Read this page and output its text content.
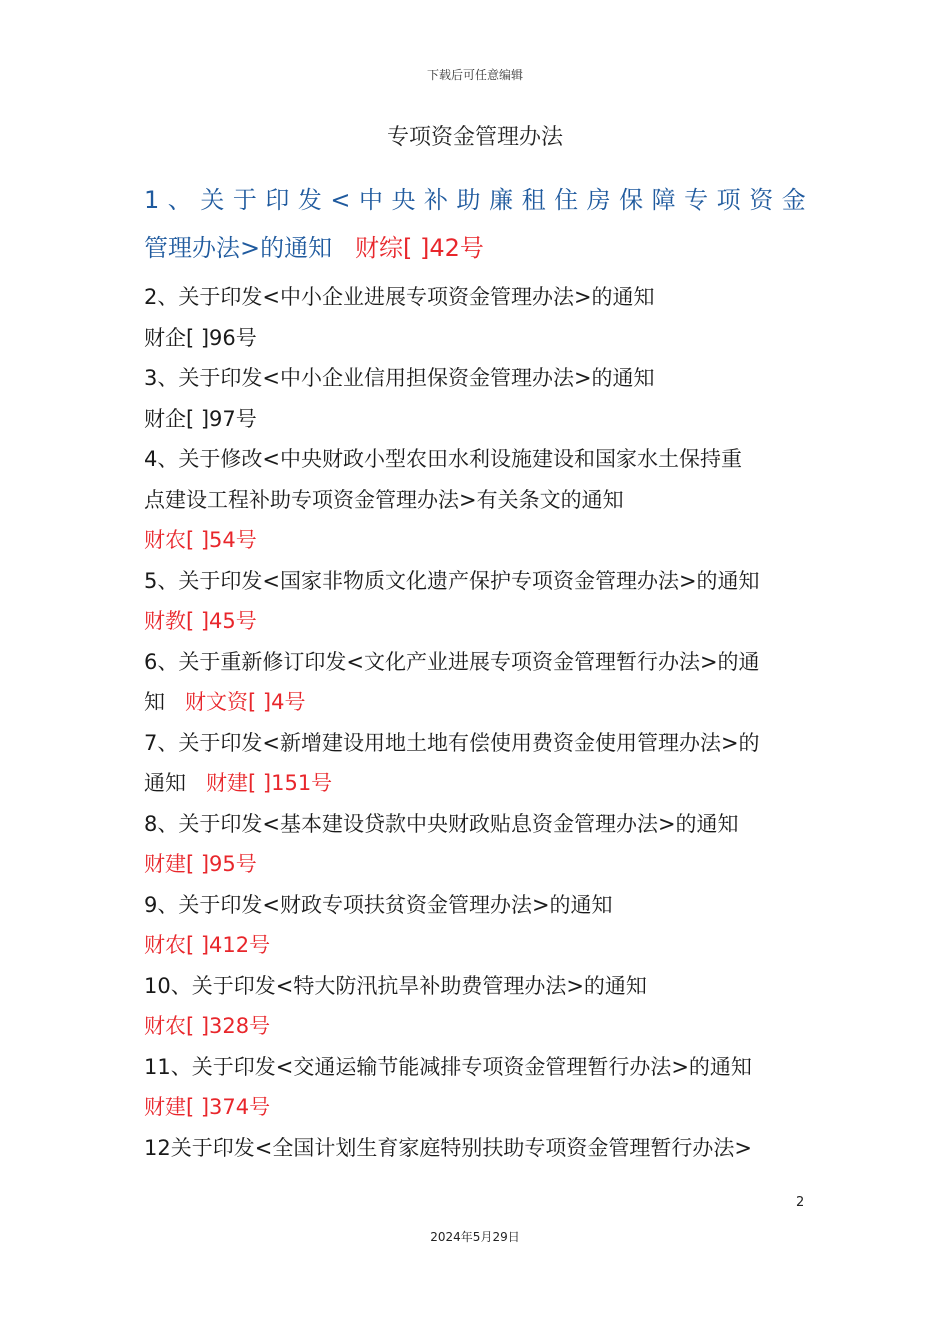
下载后可任意编辑
专项资金管理办法
1 、 关 于 印 发 < 中 央 补 助 廉 租 住 房 保 障 专 项 资 金
管理办法>的通知 财综[ ]42号
2、关于印发<中小企业进展专项资金管理办法>的通知
财企[ ]96号
3、关于印发<中小企业信用担保资金管理办法>的通知
财企[ ]97号
4、关于修改<中央财政小型农田水利设施建设和国家水土保持重
点建设工程补助专项资金管理办法>有关条文的通知
财农[ ]54号
5、关于印发<国家非物质文化遗产保护专项资金管理办法>的通知
财教[ ]45号
6、关于重新修订印发<文化产业进展专项资金管理暂行办法>的通
知 财文资[ ]4号
7、关于印发<新增建设用地土地有偿使用费资金使用管理办法>的
通知 财建[ ]151号
8、关于印发<基本建设贷款中央财政贴息资金管理办法>的通知
财建[ ]95号
9、关于印发<财政专项扶贫资金管理办法>的通知
财农[ ]412号
10、关于印发<特大防汛抗旱补助费管理办法>的通知
财农[ ]328号
11、关于印发<交通运输节能减排专项资金管理暂行办法>的通知
财建[ ]374号
12关于印发<全国计划生育家庭特别扶助专项资金管理暂行办法>
2
2024年5月29日
